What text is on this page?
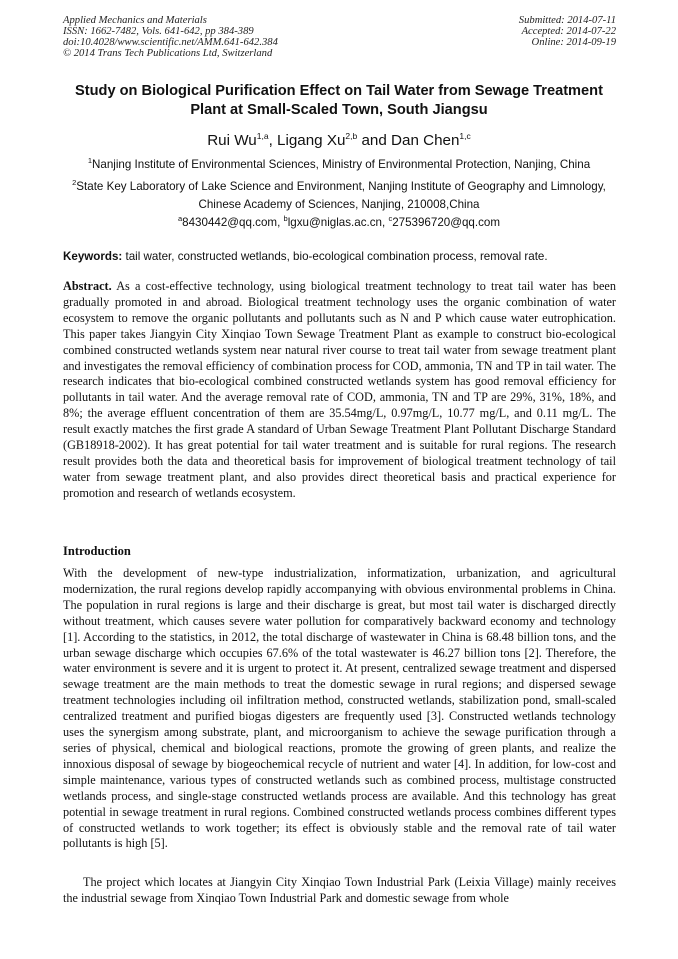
Applied Mechanics and Materials
ISSN: 1662-7482, Vols. 641-642, pp 384-389
doi:10.4028/www.scientific.net/AMM.641-642.384
© 2014 Trans Tech Publications Ltd, Switzerland
Submitted: 2014-07-11
Accepted: 2014-07-22
Online: 2014-09-19
Study on Biological Purification Effect on Tail Water from Sewage Treatment Plant at Small-Scaled Town, South Jiangsu
Rui Wu$^{1,a}$, Ligang Xu$^{2,b}$ and Dan Chen$^{1,c}$
$^1$Nanjing Institute of Environmental Sciences, Ministry of Environmental Protection, Nanjing, China
$^2$State Key Laboratory of Lake Science and Environment, Nanjing Institute of Geography and Limnology, Chinese Academy of Sciences, Nanjing, 210008,China
$^a$8430442@qq.com, $^b$lgxu@niglas.ac.cn, $^c$275396720@qq.com
Keywords: tail water, constructed wetlands, bio-ecological combination process, removal rate.

Abstract. As a cost-effective technology, using biological treatment technology to treat tail water has been gradually promoted in and abroad. Biological treatment technology uses the organic combination of water ecosystem to remove the organic pollutants and pollutants such as N and P which cause water eutrophication. This paper takes Jiangyin City Xinqiao Town Sewage Treatment Plant as example to construct bio-ecological combined constructed wetlands system near natural river course to treat tail water from sewage treatment plant and investigates the removal efficiency of combination process for COD, ammonia, TN and TP in tail water. The research indicates that bio-ecological combined constructed wetlands system has good removal efficiency for pollutants in tail water. And the average removal rate of COD, ammonia, TN and TP are 29%, 31%, 18%, and 8%; the average effluent concentration of them are 35.54mg/L, 0.97mg/L, 10.77 mg/L, and 0.11 mg/L. The result exactly matches the first grade A standard of Urban Sewage Treatment Plant Pollutant Discharge Standard (GB18918-2002). It has great potential for tail water treatment and is suitable for rural regions. The research result provides both the data and theoretical basis for improvement of biological treatment technology of tail water from sewage treatment plant, and also provides direct theoretical basis and practical experience for promotion and research of wetlands ecosystem.

Introduction

With the development of new-type industrialization, informatization, urbanization, and agricultural modernization, the rural regions develop rapidly accompanying with obvious environmental problems in China. The population in rural regions is large and their discharge is great, but most tail water is discharged directly without treatment, which causes severe water pollution for comparatively backward economy and technology [1]. According to the statistics, in 2012, the total discharge of wastewater in China is 68.48 billion tons, and the urban sewage discharge which occupies 67.6% of the total wastewater is 46.27 billion tons [2]. Therefore, the water environment is severe and it is urgent to protect it. At present, centralized sewage treatment and dispersed sewage treatment are the main methods to treat the domestic sewage in rural regions; and dispersed sewage treatment technologies including oil infiltration method, constructed wetlands, stabilization pond, small-scaled centralized treatment and purified biogas digesters are frequently used [3]. Constructed wetlands technology uses the synergism among substrate, plant, and microorganism to achieve the sewage purification through a series of physical, chemical and biological reactions, promote the growing of green plants, and realize the innoxious disposal of sewage by biogeochemical recycle of nutrient and water [4]. In addition, for low-cost and simple maintenance, various types of constructed wetlands such as combined process, multistage constructed wetlands process, and single-stage constructed wetlands process are available. And this technology has great potential in sewage treatment in rural regions. Combined constructed wetlands process combines different types of constructed wetlands to work together; its effect is obviously stable and the removal rate of tail water pollutants is high [5].

The project which locates at Jiangyin City Xinqiao Town Industrial Park (Leixia Village) mainly receives the industrial sewage from Xinqiao Town Industrial Park and domestic sewage from whole
